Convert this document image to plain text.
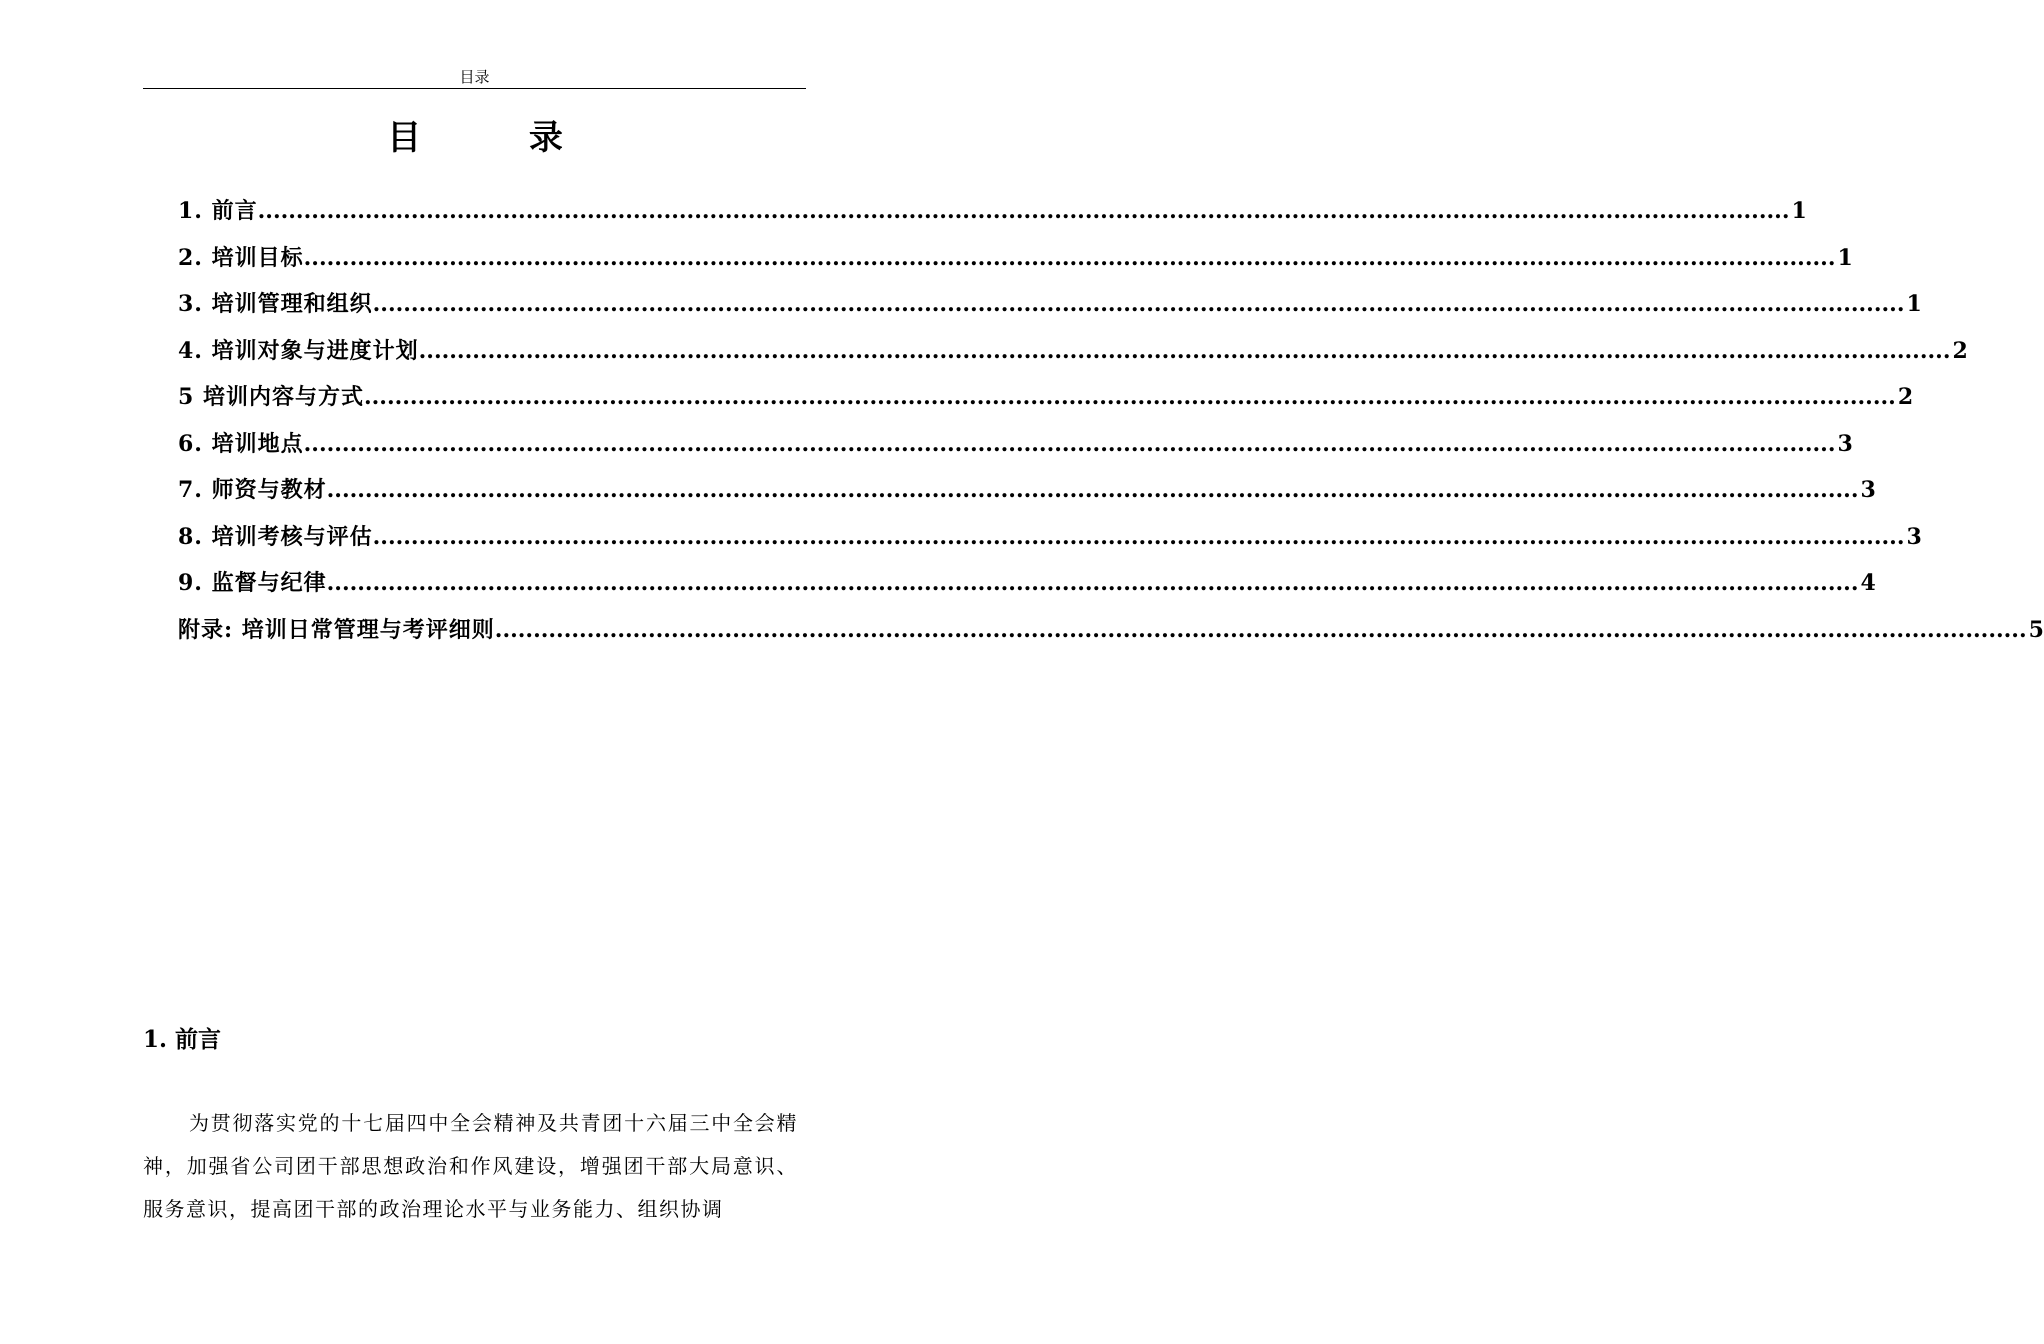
目录
目 录
1. 前言 ........................................................................................................................................................................................................ 1
2. 培训目标 ........................................................................................................................................................................................................ 1
3. 培训管理和组织 ........................................................................................................................................................................................................ 1
4. 培训对象与进度计划 ........................................................................................................................................................................................................ 2
5 培训内容与方式 ........................................................................................................................................................................................................ 2
6. 培训地点 ........................................................................................................................................................................................................ 3
7. 师资与教材 ........................................................................................................................................................................................................ 3
8. 培训考核与评估 ........................................................................................................................................................................................................ 3
9. 监督与纪律 ........................................................................................................................................................................................................ 4
附录: 培训日常管理与考评细则 ........................................................................................................................................................................................................ 5
1. 前言

为贯彻落实党的十七届四中全会精神及共青团十六届三中全会精神，加强省公司团干部思想政治和作风建设，增强团干部大局意识、服务意识，提高团干部的政治理论水平与业务能力、组织协调
